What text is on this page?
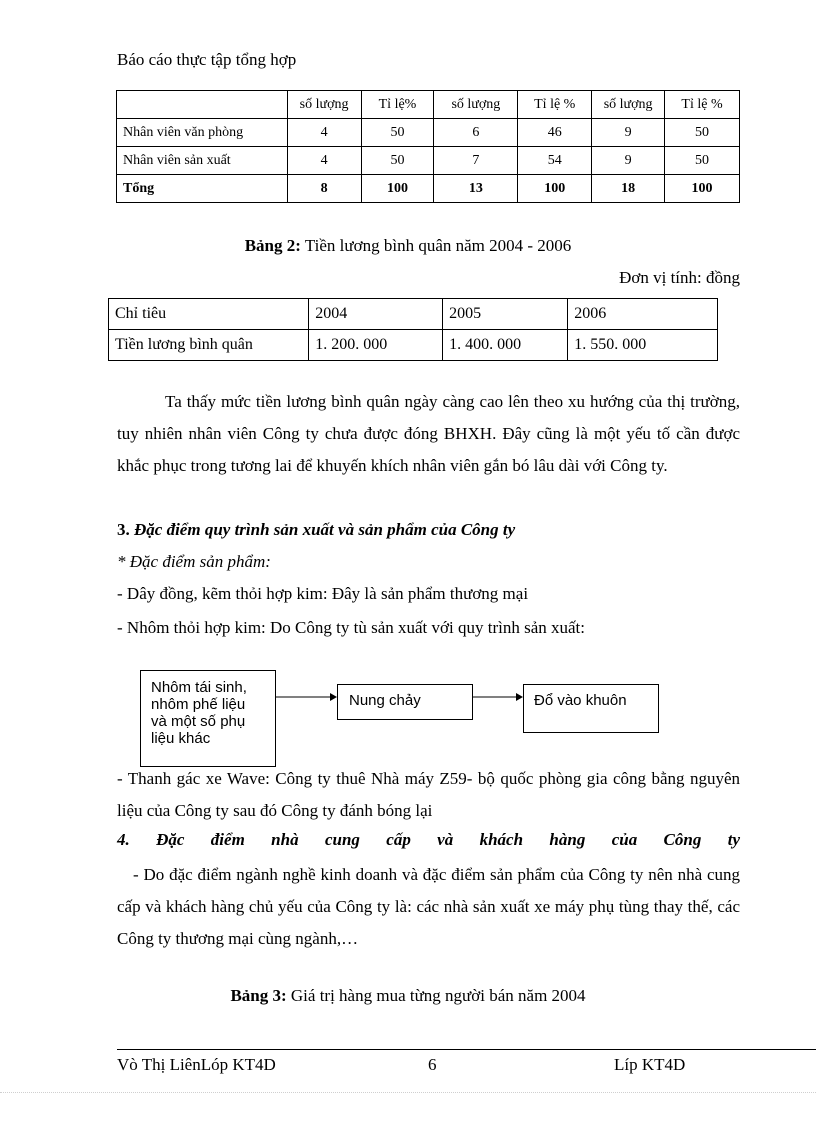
Báo cáo thực tập tổng hợp
	số lượng	Tỉ lệ%	số lượng	Tỉ lệ %	số lượng	Tỉ lệ %
Nhân viên văn phòng	4	50	6	46	9	50
Nhân viên sản xuất	4	50	7	54	9	50
Tổng	8	100	13	100	18	100
Bảng 2: Tiền lương bình quân năm 2004 - 2006
Đơn vị tính: đồng
Chỉ tiêu	2004	2005	2006
Tiền lương bình quân	1. 200. 000	1. 400. 000	1. 550. 000
Ta thấy mức tiền lương bình quân ngày càng cao lên theo xu hướng của thị trường, tuy nhiên nhân viên Công ty chưa được đóng BHXH. Đây cũng là một yếu tố cần được khắc phục trong tương lai để khuyến khích nhân viên gắn bó lâu dài với Công ty.
3. Đặc điểm quy trình sản xuất và sản phẩm của Công ty
* Đặc điểm sản phẩm:
- Dây đồng, kẽm thỏi hợp kim: Đây là sản phẩm thương mại
- Nhôm thỏi hợp kim: Do Công ty tù sản xuất với quy trình sản xuất:
Nhôm tái sinh,
nhôm phế liệu
và một số phụ
liệu khác
Nung chảy	Đổ vào khuôn
- Thanh gác xe Wave: Công ty thuê Nhà máy Z59- bộ quốc phòng gia công bằng nguyên liệu của Công ty sau đó Công ty đánh bóng lại
4. Đặc điểm nhà cung cấp và khách hàng của Công ty
- Do đặc điểm ngành nghề kinh doanh và đặc điểm sản phẩm của Công ty nên nhà cung cấp và khách hàng chủ yếu của Công ty là: các nhà sản xuất xe máy phụ tùng thay thế, các Công ty thương mại cùng ngành,…
Bảng 3: Giá trị hàng mua từng người bán năm 2004
Vò Thị LiênLóp KT4D	6	Líp KT4D
